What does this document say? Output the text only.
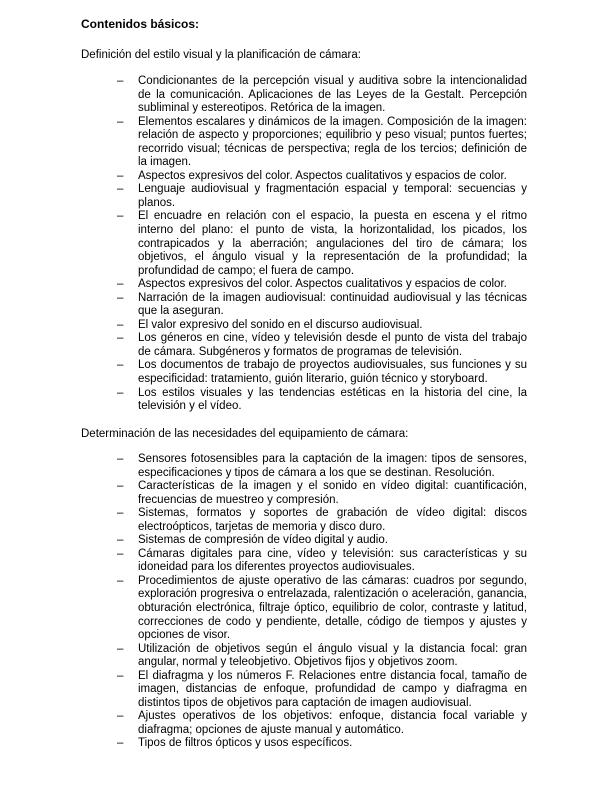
Contenidos básicos:

Definición del estilo visual y la planificación de cámara:

– Condicionantes de la percepción visual y auditiva sobre la intencionalidad de la comunicación. Aplicaciones de las Leyes de la Gestalt. Percepción subliminal y estereotipos. Retórica de la imagen.
– Elementos escalares y dinámicos de la imagen. Composición de la imagen: relación de aspecto y proporciones; equilibrio y peso visual; puntos fuertes; recorrido visual; técnicas de perspectiva; regla de los tercios; definición de la imagen.
– Aspectos expresivos del color. Aspectos cualitativos y espacios de color.
– Lenguaje audiovisual y fragmentación espacial y temporal: secuencias y planos.
– El encuadre en relación con el espacio, la puesta en escena y el ritmo interno del plano: el punto de vista, la horizontalidad, los picados, los contrapicados y la aberración; angulaciones del tiro de cámara; los objetivos, el ángulo visual y la representación de la profundidad; la profundidad de campo; el fuera de campo.
– Aspectos expresivos del color. Aspectos cualitativos y espacios de color.
– Narración de la imagen audiovisual: continuidad audiovisual y las técnicas que la aseguran.
– El valor expresivo del sonido en el discurso audiovisual.
– Los géneros en cine, vídeo y televisión desde el punto de vista del trabajo de cámara. Subgéneros y formatos de programas de televisión.
– Los documentos de trabajo de proyectos audiovisuales, sus funciones y su especificidad: tratamiento, guión literario, guión técnico y storyboard.
– Los estilos visuales y las tendencias estéticas en la historia del cine, la televisión y el vídeo.

Determinación de las necesidades del equipamiento de cámara:

– Sensores fotosensibles para la captación de la imagen: tipos de sensores, especificaciones y tipos de cámara a los que se destinan. Resolución.
– Características de la imagen y el sonido en vídeo digital: cuantificación, frecuencias de muestreo y compresión.
– Sistemas, formatos y soportes de grabación de vídeo digital: discos electroópticos, tarjetas de memoria y disco duro.
– Sistemas de compresión de vídeo digital y audio.
– Cámaras digitales para cine, vídeo y televisión: sus características y su idoneidad para los diferentes proyectos audiovisuales.
– Procedimientos de ajuste operativo de las cámaras: cuadros por segundo, exploración progresiva o entrelazada, ralentización o aceleración, ganancia, obturación electrónica, filtraje óptico, equilibrio de color, contraste y latitud, correcciones de codo y pendiente, detalle, código de tiempos y ajustes y opciones de visor.
– Utilización de objetivos según el ángulo visual y la distancia focal: gran angular, normal y teleobjetivo. Objetivos fijos y objetivos zoom.
– El diafragma y los números F. Relaciones entre distancia focal, tamaño de imagen, distancias de enfoque, profundidad de campo y diafragma en distintos tipos de objetivos para captación de imagen audiovisual.
– Ajustes operativos de los objetivos: enfoque, distancia focal variable y diafragma; opciones de ajuste manual y automático.
– Tipos de filtros ópticos y usos específicos.
